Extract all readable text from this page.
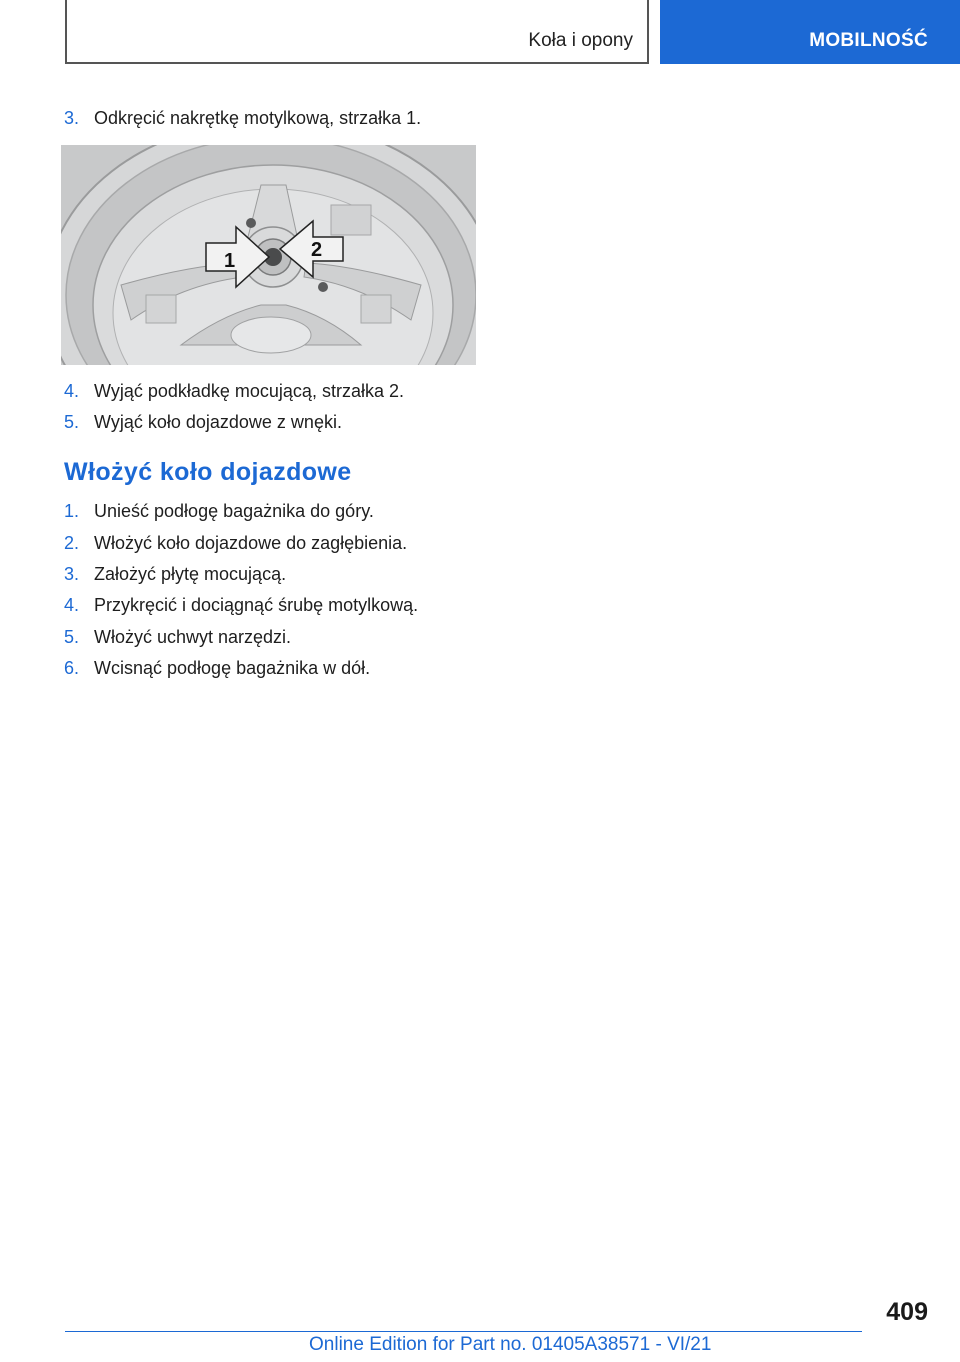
Koła i opony	MOBILNOŚĆ
3. Odkręcić nakrętkę motylkową, strzałka 1.
1	2
4. Wyjąć podkładkę mocującą, strzałka 2.
5. Wyjąć koło dojazdowe z wnęki.
Włożyć koło dojazdowe
1. Unieść podłogę bagażnika do góry.
2. Włożyć koło dojazdowe do zagłębienia.
3. Założyć płytę mocującą.
4. Przykręcić i dociągnąć śrubę motylkową.
5. Włożyć uchwyt narzędzi.
6. Wcisnąć podłogę bagażnika w dół.
409
Online Edition for Part no. 01405A38571 - VI/21
